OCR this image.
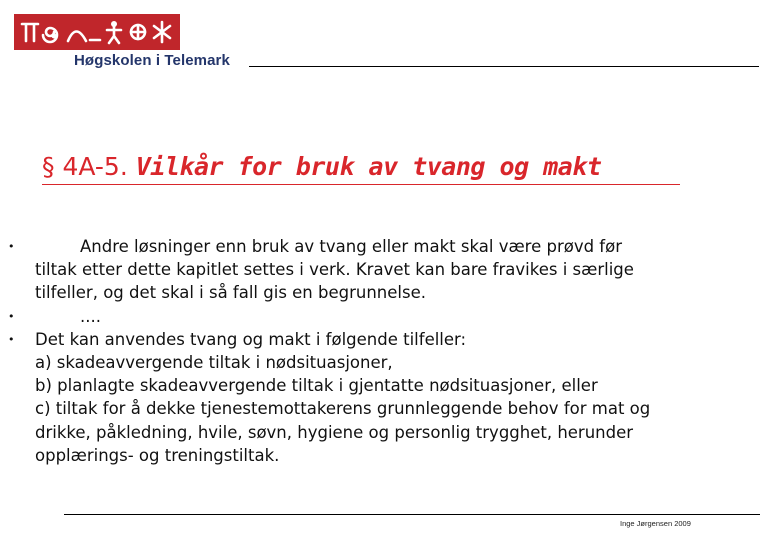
Høgskolen i Telemark
§ 4A-5. Vilkår for bruk av tvang og makt
•	Andre løsninger enn bruk av tvang eller makt skal være prøvd før
tiltak etter dette kapitlet settes i verk. Kravet kan bare fravikes i særlige
tilfeller, og det skal i så fall gis en begrunnelse.
•	....
• Det kan anvendes tvang og makt i følgende tilfeller:
a) skadeavvergende tiltak i nødsituasjoner,
b) planlagte skadeavvergende tiltak i gjentatte nødsituasjoner, eller
c) tiltak for å dekke tjenestemottakerens grunnleggende behov for mat og
drikke, påkledning, hvile, søvn, hygiene og personlig trygghet, herunder
opplærings- og treningstiltak.
Inge Jørgensen 2009
